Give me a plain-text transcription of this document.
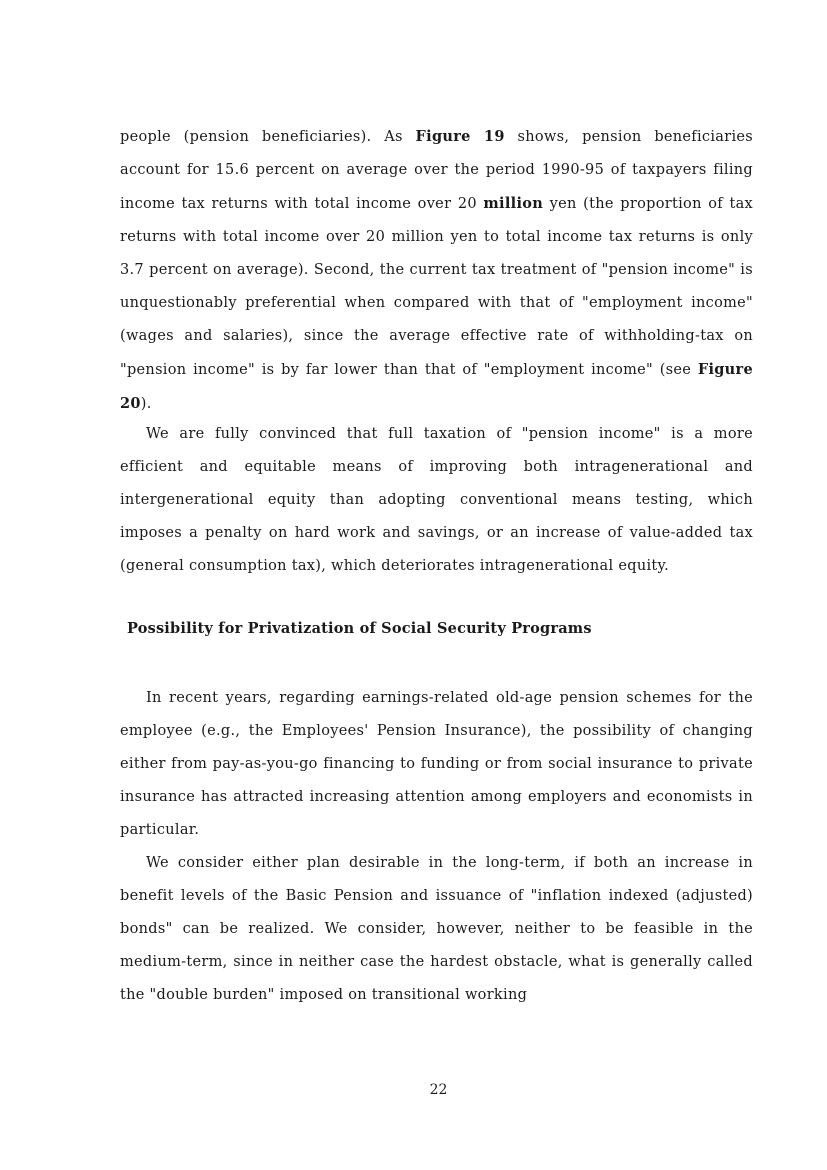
people (pension beneficiaries). As Figure 19 shows, pension beneficiaries account for 15.6 percent on average over the period 1990-95 of taxpayers filing income tax returns with total income over 20 million yen (the proportion of tax returns with total income over 20 million yen to total income tax returns is only 3.7 percent on average). Second, the current tax treatment of "pension income" is unquestionably preferential when compared with that of "employment income" (wages and salaries), since the average effective rate of withholding-tax on "pension income" is by far lower than that of "employment income" (see Figure 20).
We are fully convinced that full taxation of "pension income" is a more efficient and equitable means of improving both intragenerational and intergenerational equity than adopting conventional means testing, which imposes a penalty on hard work and savings, or an increase of value-added tax (general consumption tax), which deteriorates intragenerational equity.
Possibility for Privatization of Social Security Programs
In recent years, regarding earnings-related old-age pension schemes for the employee (e.g., the Employees' Pension Insurance), the possibility of changing either from pay-as-you-go financing to funding or from social insurance to private insurance has attracted increasing attention among employers and economists in particular.
We consider either plan desirable in the long-term, if both an increase in benefit levels of the Basic Pension and issuance of "inflation indexed (adjusted) bonds" can be realized. We consider, however, neither to be feasible in the medium-term, since in neither case the hardest obstacle, what is generally called the "double burden" imposed on transitional working
22
